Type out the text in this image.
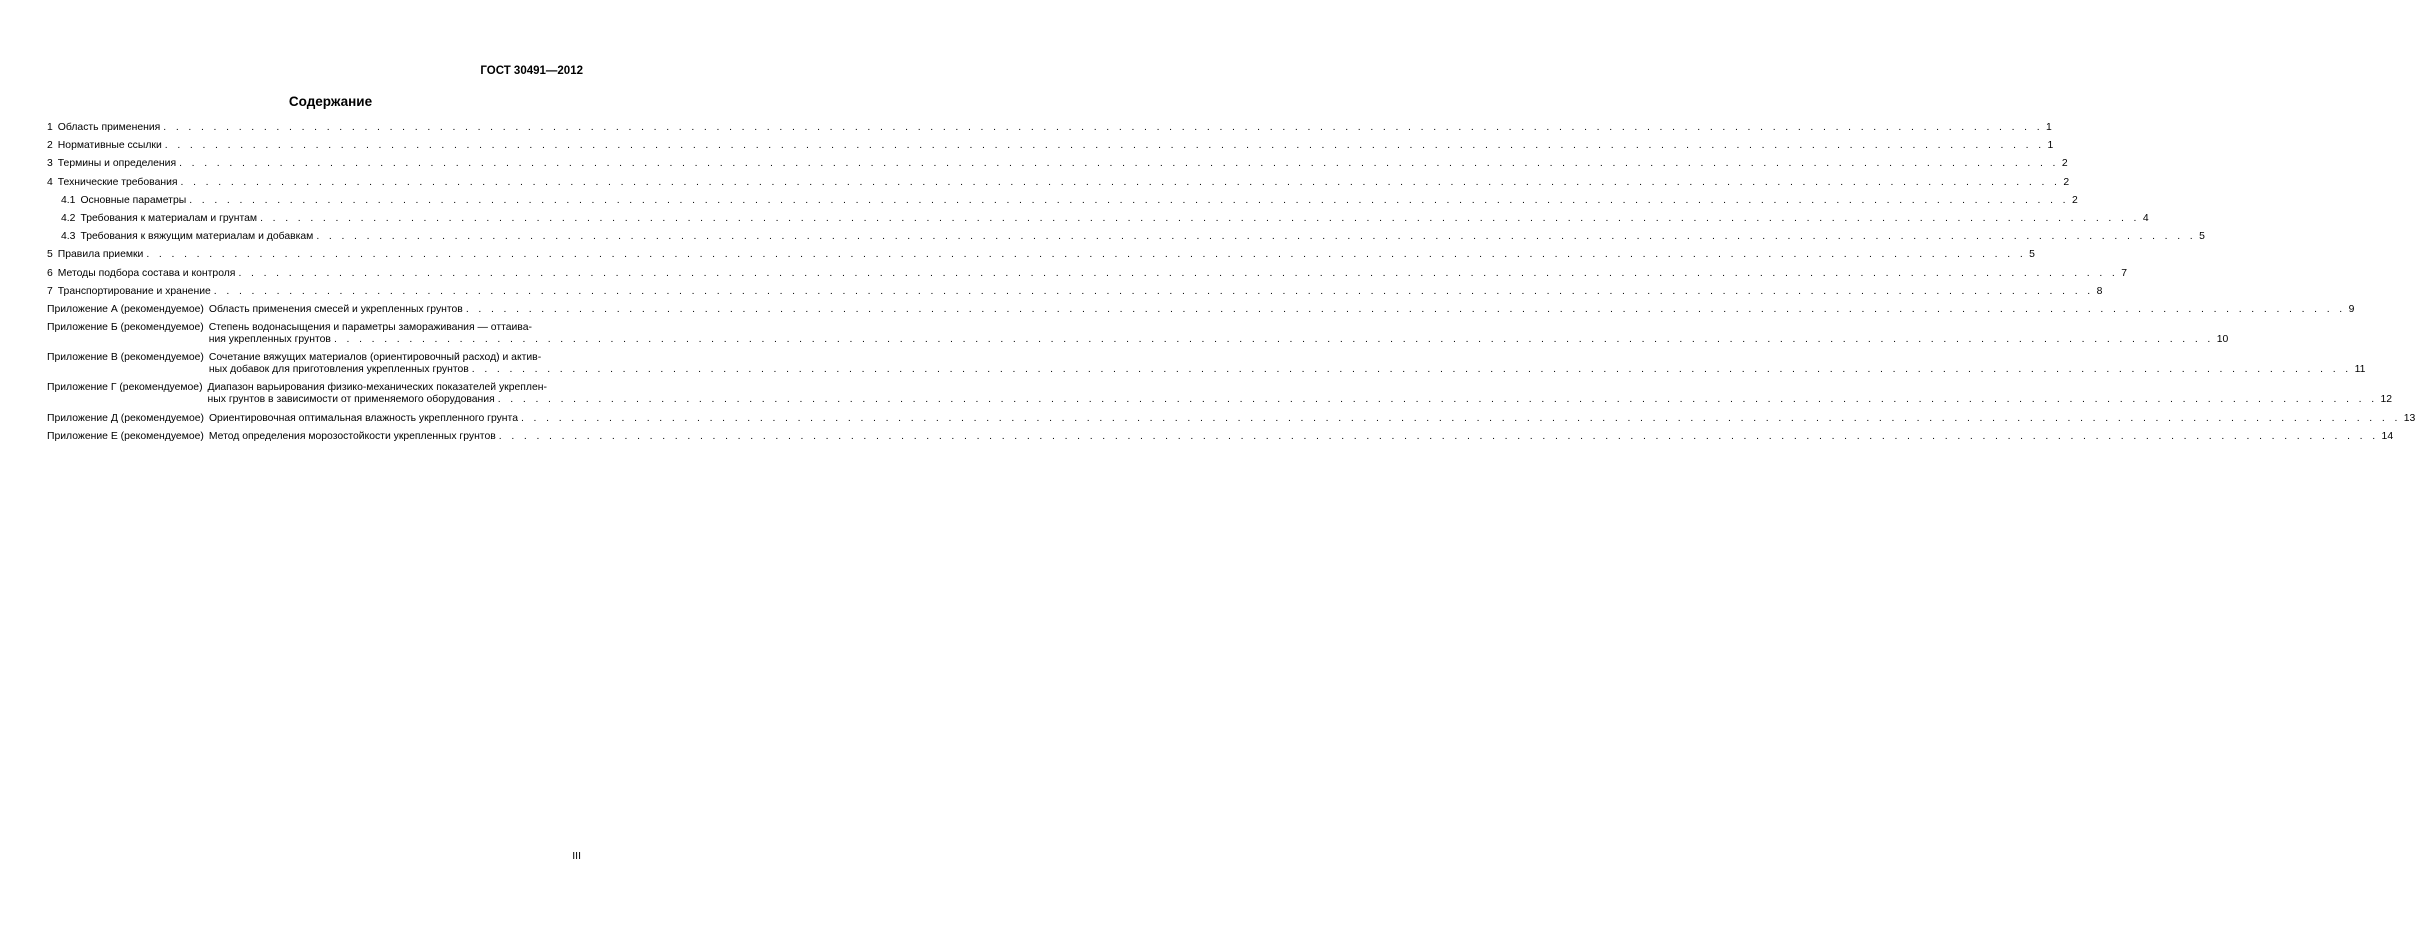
ГОСТ 30491—2012
Содержание
1 Область применения . . . . . . . . . . . . . . . . . . . . . . . . . . . . . . . . . . . . . . . . . . . . . . . . . . . . . . . . . . . . . . . . . . . . . . . . . . . . . . . . . . . . . . . . . . . . . . . . . . . . . . . . . . . . . . . . . . . . . . . . . . . . . . . . . . . . . . . . . . . . . . . . . . . . . . 1
2 Нормативные ссылки . . . . . . . . . . . . . . . . . . . . . . . . . . . . . . . . . . . . . . . . . . . . . . . . . . . . . . . . . . . . . . . . . . . . . . . . . . . . . . . . . . . . . . . . . . . . . . . . . . . . . . . . . . . . . . . . . . . . . . . . . . . . . . . . . . . . . . . . . . . . . . . . . . . . . . 1
3 Термины и определения . . . . . . . . . . . . . . . . . . . . . . . . . . . . . . . . . . . . . . . . . . . . . . . . . . . . . . . . . . . . . . . . . . . . . . . . . . . . . . . . . . . . . . . . . . . . . . . . . . . . . . . . . . . . . . . . . . . . . . . . . . . . . . . . . . . . . . . . . . . . . . . . . . . . . . 2
4 Технические требования . . . . . . . . . . . . . . . . . . . . . . . . . . . . . . . . . . . . . . . . . . . . . . . . . . . . . . . . . . . . . . . . . . . . . . . . . . . . . . . . . . . . . . . . . . . . . . . . . . . . . . . . . . . . . . . . . . . . . . . . . . . . . . . . . . . . . . . . . . . . . . . . . . . . . . 2
4.1 Основные параметры . . . . . . . . . . . . . . . . . . . . . . . . . . . . . . . . . . . . . . . . . . . . . . . . . . . . . . . . . . . . . . . . . . . . . . . . . . . . . . . . . . . . . . . . . . . . . . . . . . . . . . . . . . . . . . . . . . . . . . . . . . . . . . . . . . . . . . . . . . . . . . . . . . . . . . 2
4.2 Требования к материалам и грунтам . . . . . . . . . . . . . . . . . . . . . . . . . . . . . . . . . . . . . . . . . . . . . . . . . . . . . . . . . . . . . . . . . . . . . . . . . . . . . . . . . . . . . . . . . . . . . . . . . . . . . . . . . . . . . . . . . . . . . . . . . . . . . . . . . . . . . . . . . . . . . . . . . . . . . . 4
4.3 Требования к вяжущим материалам и добавкам . . . . . . . . . . . . . . . . . . . . . . . . . . . . . . . . . . . . . . . . . . . . . . . . . . . . . . . . . . . . . . . . . . . . . . . . . . . . . . . . . . . . . . . . . . . . . . . . . . . . . . . . . . . . . . . . . . . . . . . . . . . . . . . . . . . . . . . . . . . . . . . . . . . . . . 5
5 Правила приемки . . . . . . . . . . . . . . . . . . . . . . . . . . . . . . . . . . . . . . . . . . . . . . . . . . . . . . . . . . . . . . . . . . . . . . . . . . . . . . . . . . . . . . . . . . . . . . . . . . . . . . . . . . . . . . . . . . . . . . . . . . . . . . . . . . . . . . . . . . . . . . . . . . . . . . 5
6 Методы подбора состава и контроля . . . . . . . . . . . . . . . . . . . . . . . . . . . . . . . . . . . . . . . . . . . . . . . . . . . . . . . . . . . . . . . . . . . . . . . . . . . . . . . . . . . . . . . . . . . . . . . . . . . . . . . . . . . . . . . . . . . . . . . . . . . . . . . . . . . . . . . . . . . . . . . . . . . . . . 7
7 Транспортирование и хранение . . . . . . . . . . . . . . . . . . . . . . . . . . . . . . . . . . . . . . . . . . . . . . . . . . . . . . . . . . . . . . . . . . . . . . . . . . . . . . . . . . . . . . . . . . . . . . . . . . . . . . . . . . . . . . . . . . . . . . . . . . . . . . . . . . . . . . . . . . . . . . . . . . . . . . 8
Приложение А (рекомендуемое) Область применения смесей и укрепленных грунтов . . . . . . . . . . . . . . . . . . . . . . . . . . . . . . . . . . . . . . . . . . . . . . . . . . . . . . . . . . . . . . . . . . . . . . . . . . . . . . . . . . . . . . . . . . . . . . . . . . . . . . . . . . . . . . . . . . . . . . . . . . . . . . . . . . . . . . . . . . . . . . . . . . . . . . 9
Приложение Б (рекомендуемое) Степень водонасыщения и параметры замораживания — оттаива-
ния укрепленных грунтов . . . . . . . . . . . . . . . . . . . . . . . . . . . . . . . . . . . . . . . . . . . . . . . . . . . . . . . . . . . . . . . . . . . . . . . . . . . . . . . . . . . . . . . . . . . . . . . . . . . . . . . . . . . . . . . . . . . . . . . . . . . . . . . . . . . . . . . . . . . . . . . . . . . . . . 10
Приложение В (рекомендуемое) Сочетание вяжущих материалов (ориентировочный расход) и актив-
ных добавок для приготовления укрепленных грунтов . . . . . . . . . . . . . . . . . . . . . . . . . . . . . . . . . . . . . . . . . . . . . . . . . . . . . . . . . . . . . . . . . . . . . . . . . . . . . . . . . . . . . . . . . . . . . . . . . . . . . . . . . . . . . . . . . . . . . . . . . . . . . . . . . . . . . . . . . . . . . . . . . . . . . . 11
Приложение Г (рекомендуемое) Диапазон варьирования физико-механических показателей укреплен-
ных грунтов в зависимости от применяемого оборудования . . . . . . . . . . . . . . . . . . . . . . . . . . . . . . . . . . . . . . . . . . . . . . . . . . . . . . . . . . . . . . . . . . . . . . . . . . . . . . . . . . . . . . . . . . . . . . . . . . . . . . . . . . . . . . . . . . . . . . . . . . . . . . . . . . . . . . . . . . . . . . . . . . . . . . 12
Приложение Д (рекомендуемое) Ориентировочная оптимальная влажность укрепленного грунта . . . . . . . . . . . . . . . . . . . . . . . . . . . . . . . . . . . . . . . . . . . . . . . . . . . . . . . . . . . . . . . . . . . . . . . . . . . . . . . . . . . . . . . . . . . . . . . . . . . . . . . . . . . . . . . . . . . . . . . . . . . . . . . . . . . . . . . . . . . . . . . . . . . . . . 13
Приложение Е (рекомендуемое) Метод определения морозостойкости укрепленных грунтов . . . . . . . . . . . . . . . . . . . . . . . . . . . . . . . . . . . . . . . . . . . . . . . . . . . . . . . . . . . . . . . . . . . . . . . . . . . . . . . . . . . . . . . . . . . . . . . . . . . . . . . . . . . . . . . . . . . . . . . . . . . . . . . . . . . . . . . . . . . . . . . . . . . . . . 14
III
